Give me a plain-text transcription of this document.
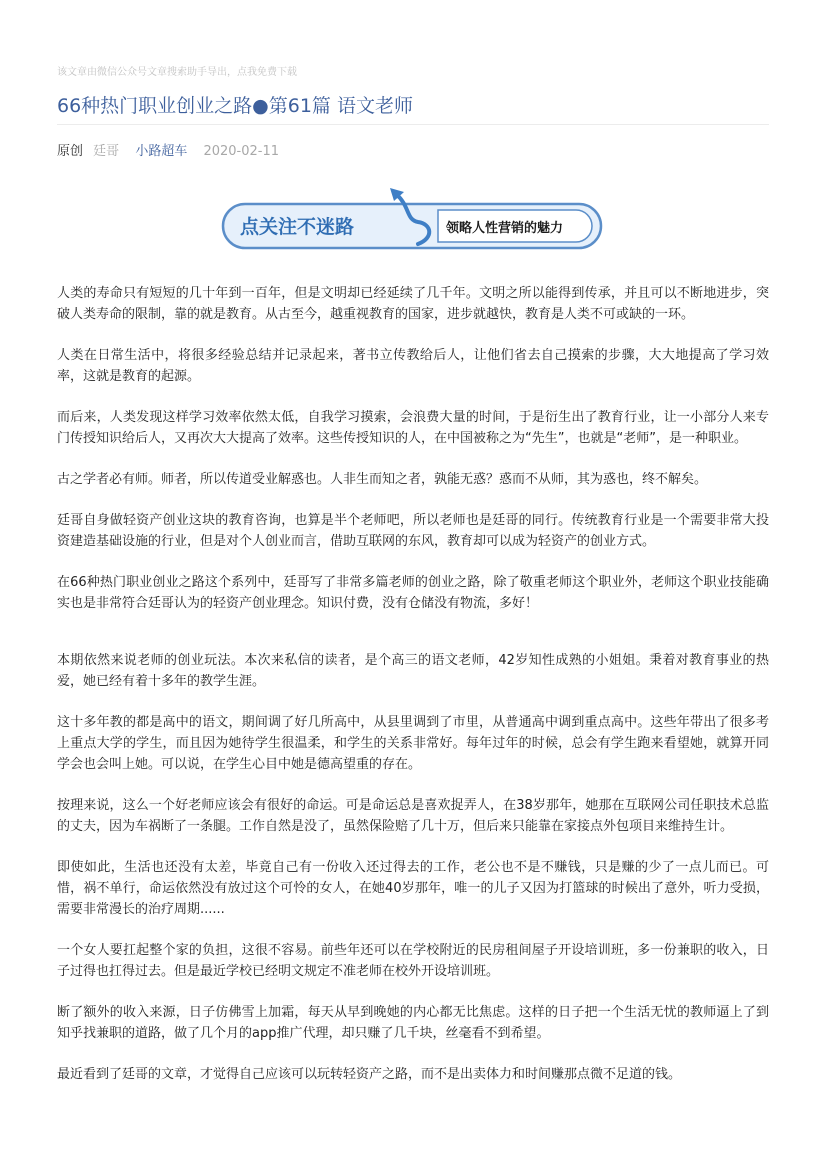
该文章由微信公众号文章搜索助手导出，点我免费下载
66种热门职业创业之路●第61篇 语文老师
原创 廷哥 小路超车 2020-02-11
点关注不迷路	领略人性营销的魅力

人类的寿命只有短短的几十年到一百年，但是文明却已经延续了几千年。文明之所以能得到传承，并且可以不断地进步，突破人类寿命的限制，靠的就是教育。从古至今，越重视教育的国家，进步就越快，教育是人类不可或缺的一环。

人类在日常生活中，将很多经验总结并记录起来，著书立传教给后人，让他们省去自己摸索的步骤，大大地提高了学习效率，这就是教育的起源。

而后来，人类发现这样学习效率依然太低，自我学习摸索，会浪费大量的时间，于是衍生出了教育行业，让一小部分人来专门传授知识给后人，又再次大大提高了效率。这些传授知识的人，在中国被称之为“先生”，也就是“老师”，是一种职业。

古之学者必有师。师者，所以传道受业解惑也。人非生而知之者，孰能无惑？惑而不从师，其为惑也，终不解矣。

廷哥自身做轻资产创业这块的教育咨询，也算是半个老师吧，所以老师也是廷哥的同行。传统教育行业是一个需要非常大投资建造基础设施的行业，但是对个人创业而言，借助互联网的东风，教育却可以成为轻资产的创业方式。

在66种热门职业创业之路这个系列中，廷哥写了非常多篇老师的创业之路，除了敬重老师这个职业外，老师这个职业技能确实也是非常符合廷哥认为的轻资产创业理念。知识付费，没有仓储没有物流，多好！

本期依然来说老师的创业玩法。本次来私信的读者，是个高三的语文老师，42岁知性成熟的小姐姐。秉着对教育事业的热爱，她已经有着十多年的教学生涯。

这十多年教的都是高中的语文，期间调了好几所高中，从县里调到了市里，从普通高中调到重点高中。这些年带出了很多考上重点大学的学生，而且因为她待学生很温柔，和学生的关系非常好。每年过年的时候，总会有学生跑来看望她，就算开同学会也会叫上她。可以说，在学生心目中她是德高望重的存在。

按理来说，这么一个好老师应该会有很好的命运。可是命运总是喜欢捉弄人，在38岁那年，她那在互联网公司任职技术总监的丈夫，因为车祸断了一条腿。工作自然是没了，虽然保险赔了几十万，但后来只能靠在家接点外包项目来维持生计。

即使如此，生活也还没有太差，毕竟自己有一份收入还过得去的工作，老公也不是不赚钱，只是赚的少了一点儿而已。可惜，祸不单行，命运依然没有放过这个可怜的女人，在她40岁那年，唯一的儿子又因为打篮球的时候出了意外，听力受损，需要非常漫长的治疗周期......

一个女人要扛起整个家的负担，这很不容易。前些年还可以在学校附近的民房租间屋子开设培训班，多一份兼职的收入，日子过得也扛得过去。但是最近学校已经明文规定不准老师在校外开设培训班。

断了额外的收入来源，日子仿佛雪上加霜，每天从早到晚她的内心都无比焦虑。这样的日子把一个生活无忧的教师逼上了到知乎找兼职的道路，做了几个月的app推广代理，却只赚了几千块，丝毫看不到希望。

最近看到了廷哥的文章，才觉得自己应该可以玩转轻资产之路，而不是出卖体力和时间赚那点微不足道的钱。
